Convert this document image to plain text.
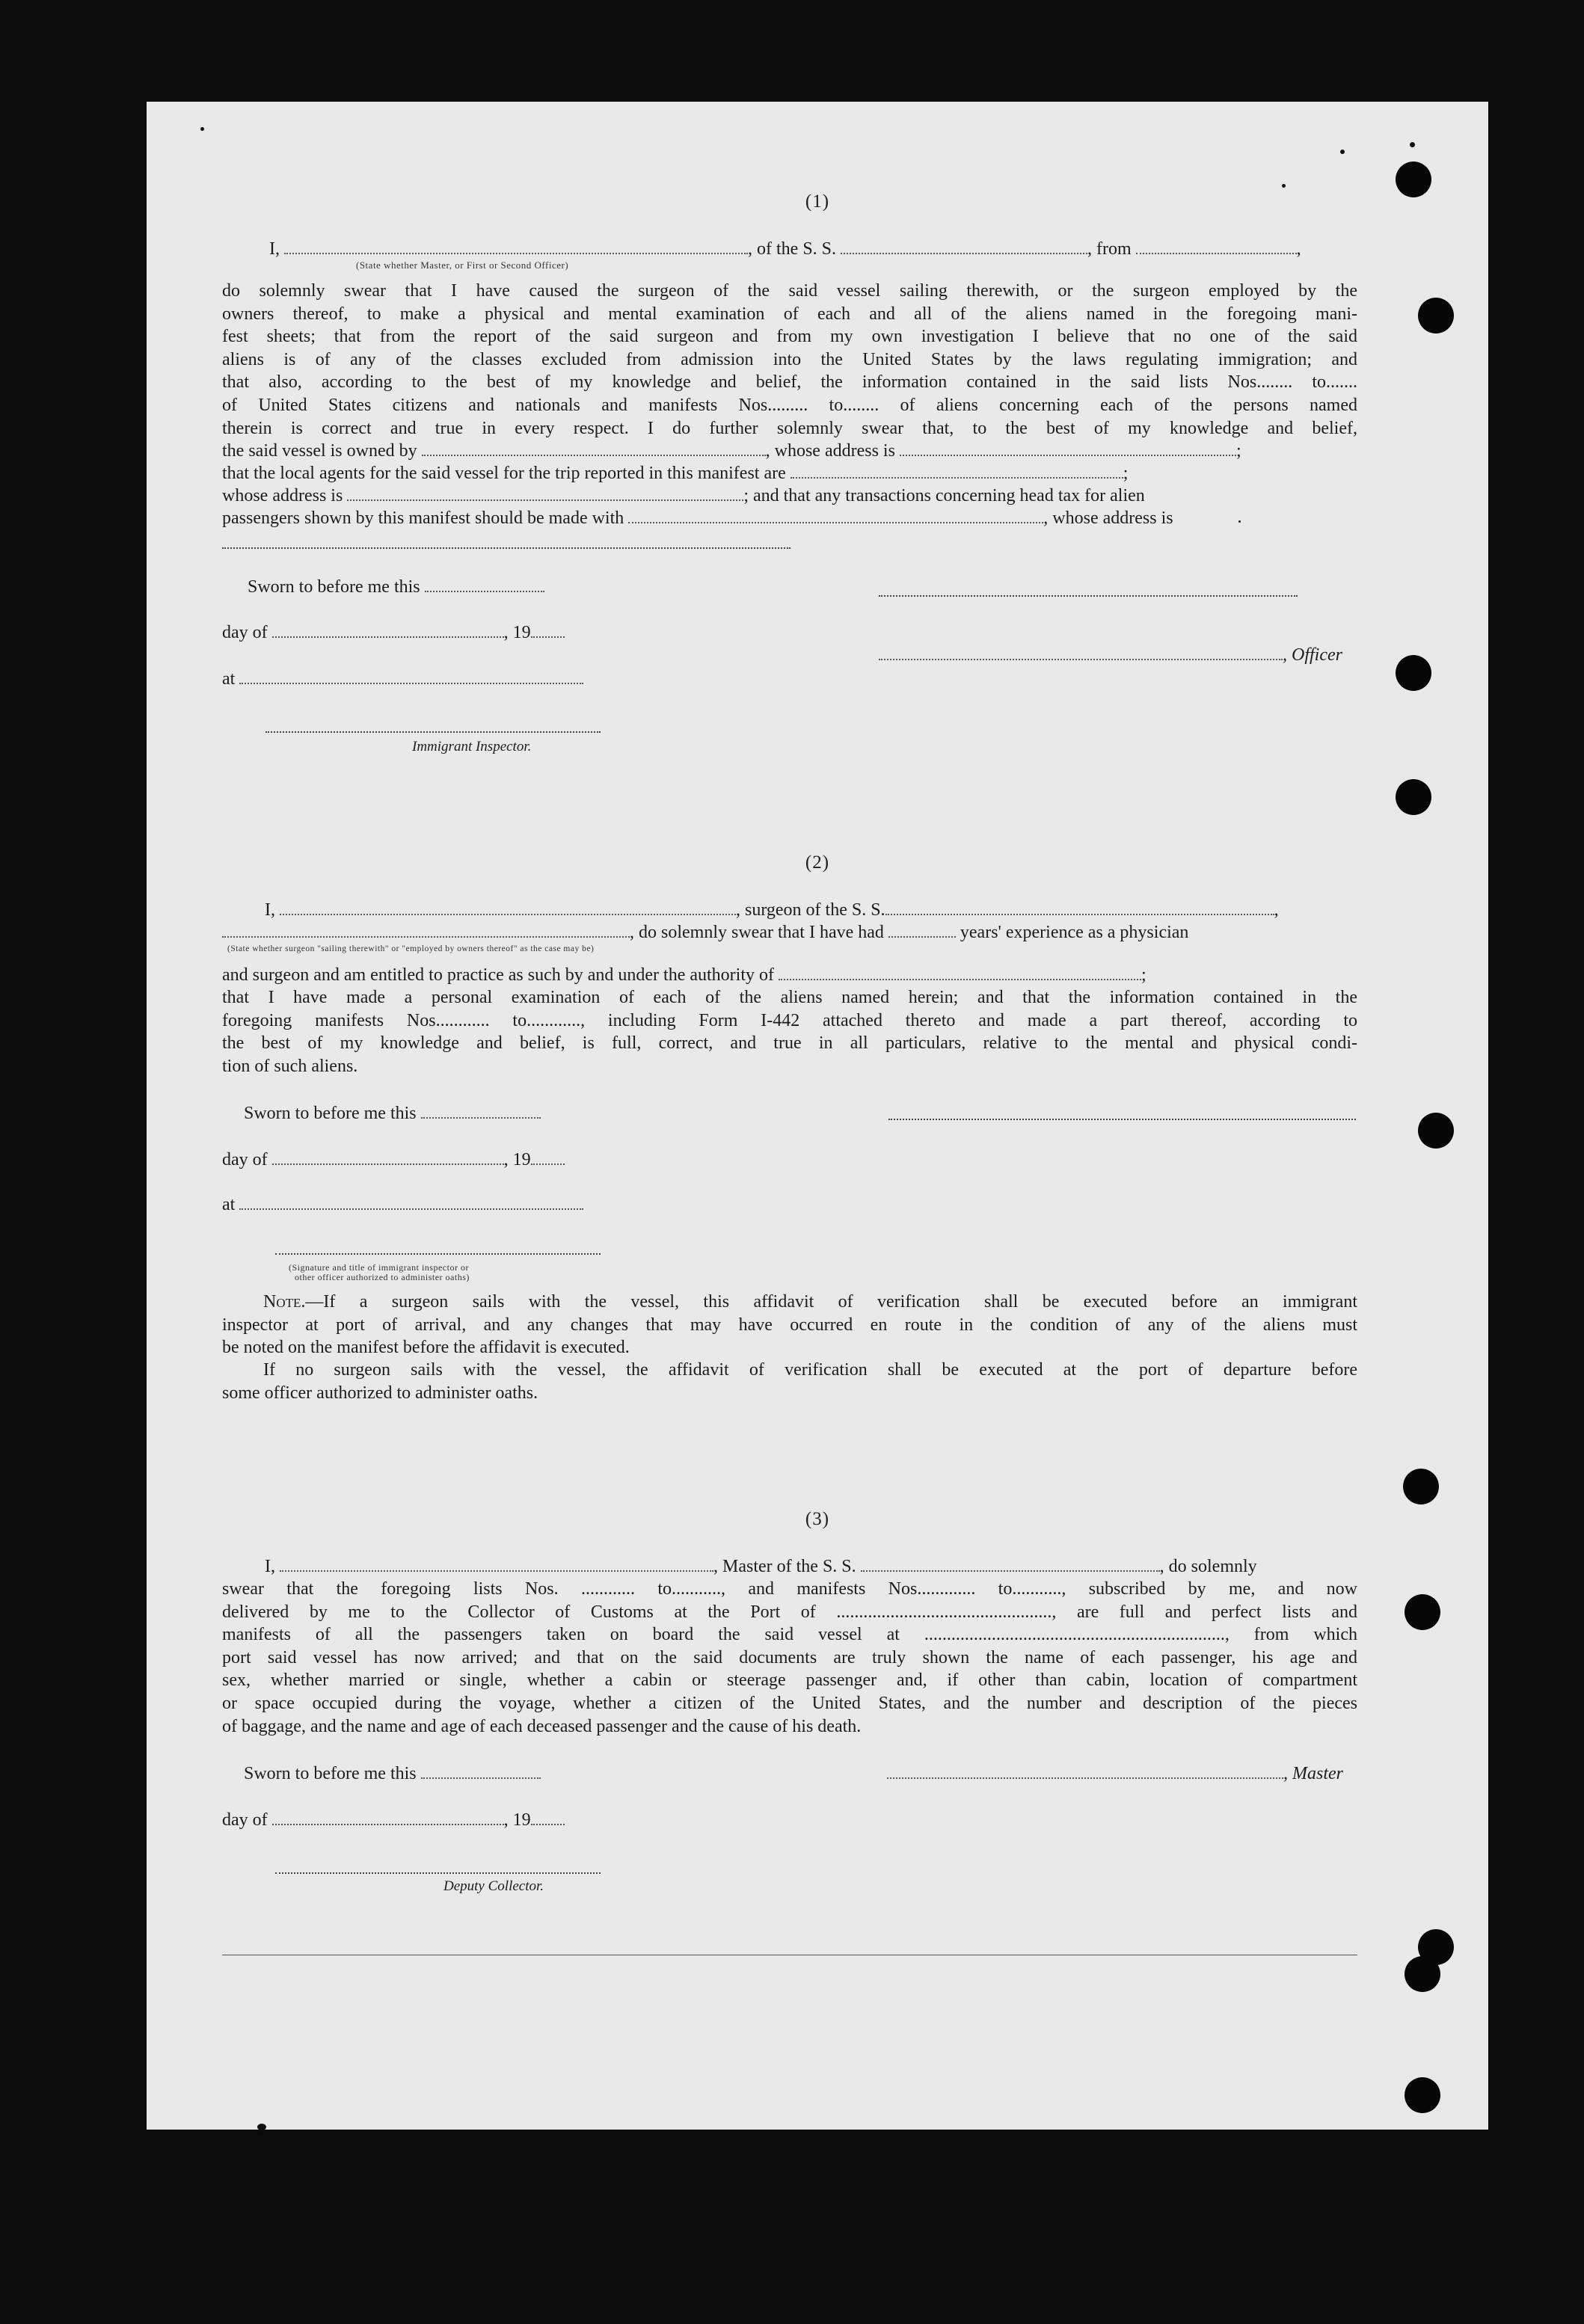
(1)
I,	, of the S. S.	, from	,
(State whether Master, or First or Second Officer)
do solemnly swear that I have caused the surgeon of the said vessel sailing therewith, or the surgeon employed by the
owners thereof, to make a physical and mental examination of each and all of the aliens named in the foregoing mani-
fest sheets; that from the report of the said surgeon and from my own investigation I believe that no one of the said
aliens is of any of the classes excluded from admission into the United States by the laws regulating immigration; and
that also, according to the best of my knowledge and belief, the information contained in the said lists Nos........ to.......
of United States citizens and nationals and manifests Nos......... to........ of aliens concerning each of the persons named
therein is correct and true in every respect. I do further solemnly swear that, to the best of my knowledge and belief,
the said vessel is owned by	, whose address is	;
that the local agents for the said vessel for the trip reported in this manifest are	;
whose address is	; and that any transactions concerning head tax for alien
passengers shown by this manifest should be made with	, whose address is
Sworn to before me this
day of	, 19
at
, Officer
Immigrant Inspector.
(2)
I,	, surgeon of the S. S.	,
, do solemnly swear that I have had	years' experience as a physician
(State whether surgeon "sailing therewith" or "employed by owners thereof" as the case may be)
and surgeon and am entitled to practice as such by and under the authority of	;
that I have made a personal examination of each of the aliens named herein; and that the information contained in the
foregoing manifests Nos............ to............, including Form I-442 attached thereto and made a part thereof, according to
the best of my knowledge and belief, is full, correct, and true in all particulars, relative to the mental and physical condi-
tion of such aliens.
Sworn to before me this
day of	, 19
at
(Signature and title of immigrant inspector or
other officer authorized to administer oaths)
Note.—If a surgeon sails with the vessel, this affidavit of verification shall be executed before an immigrant
inspector at port of arrival, and any changes that may have occurred en route in the condition of any of the aliens must
be noted on the manifest before the affidavit is executed.
If no surgeon sails with the vessel, the affidavit of verification shall be executed at the port of departure before
some officer authorized to administer oaths.
(3)
I,	, Master of the S. S.	, do solemnly
swear that the foregoing lists Nos. ............ to..........., and manifests Nos............. to..........., subscribed by me, and now
delivered by me to the Collector of Customs at the Port of ................................................, are full and perfect lists and
manifests of all the passengers taken on board the said vessel at ..................................................................., from which
port said vessel has now arrived; and that on the said documents are truly shown the name of each passenger, his age and
sex, whether married or single, whether a cabin or steerage passenger and, if other than cabin, location of compartment
or space occupied during the voyage, whether a citizen of the United States, and the number and description of the pieces
of baggage, and the name and age of each deceased passenger and the cause of his death.
Sworn to before me this	, Master
day of	, 19
Deputy Collector.
